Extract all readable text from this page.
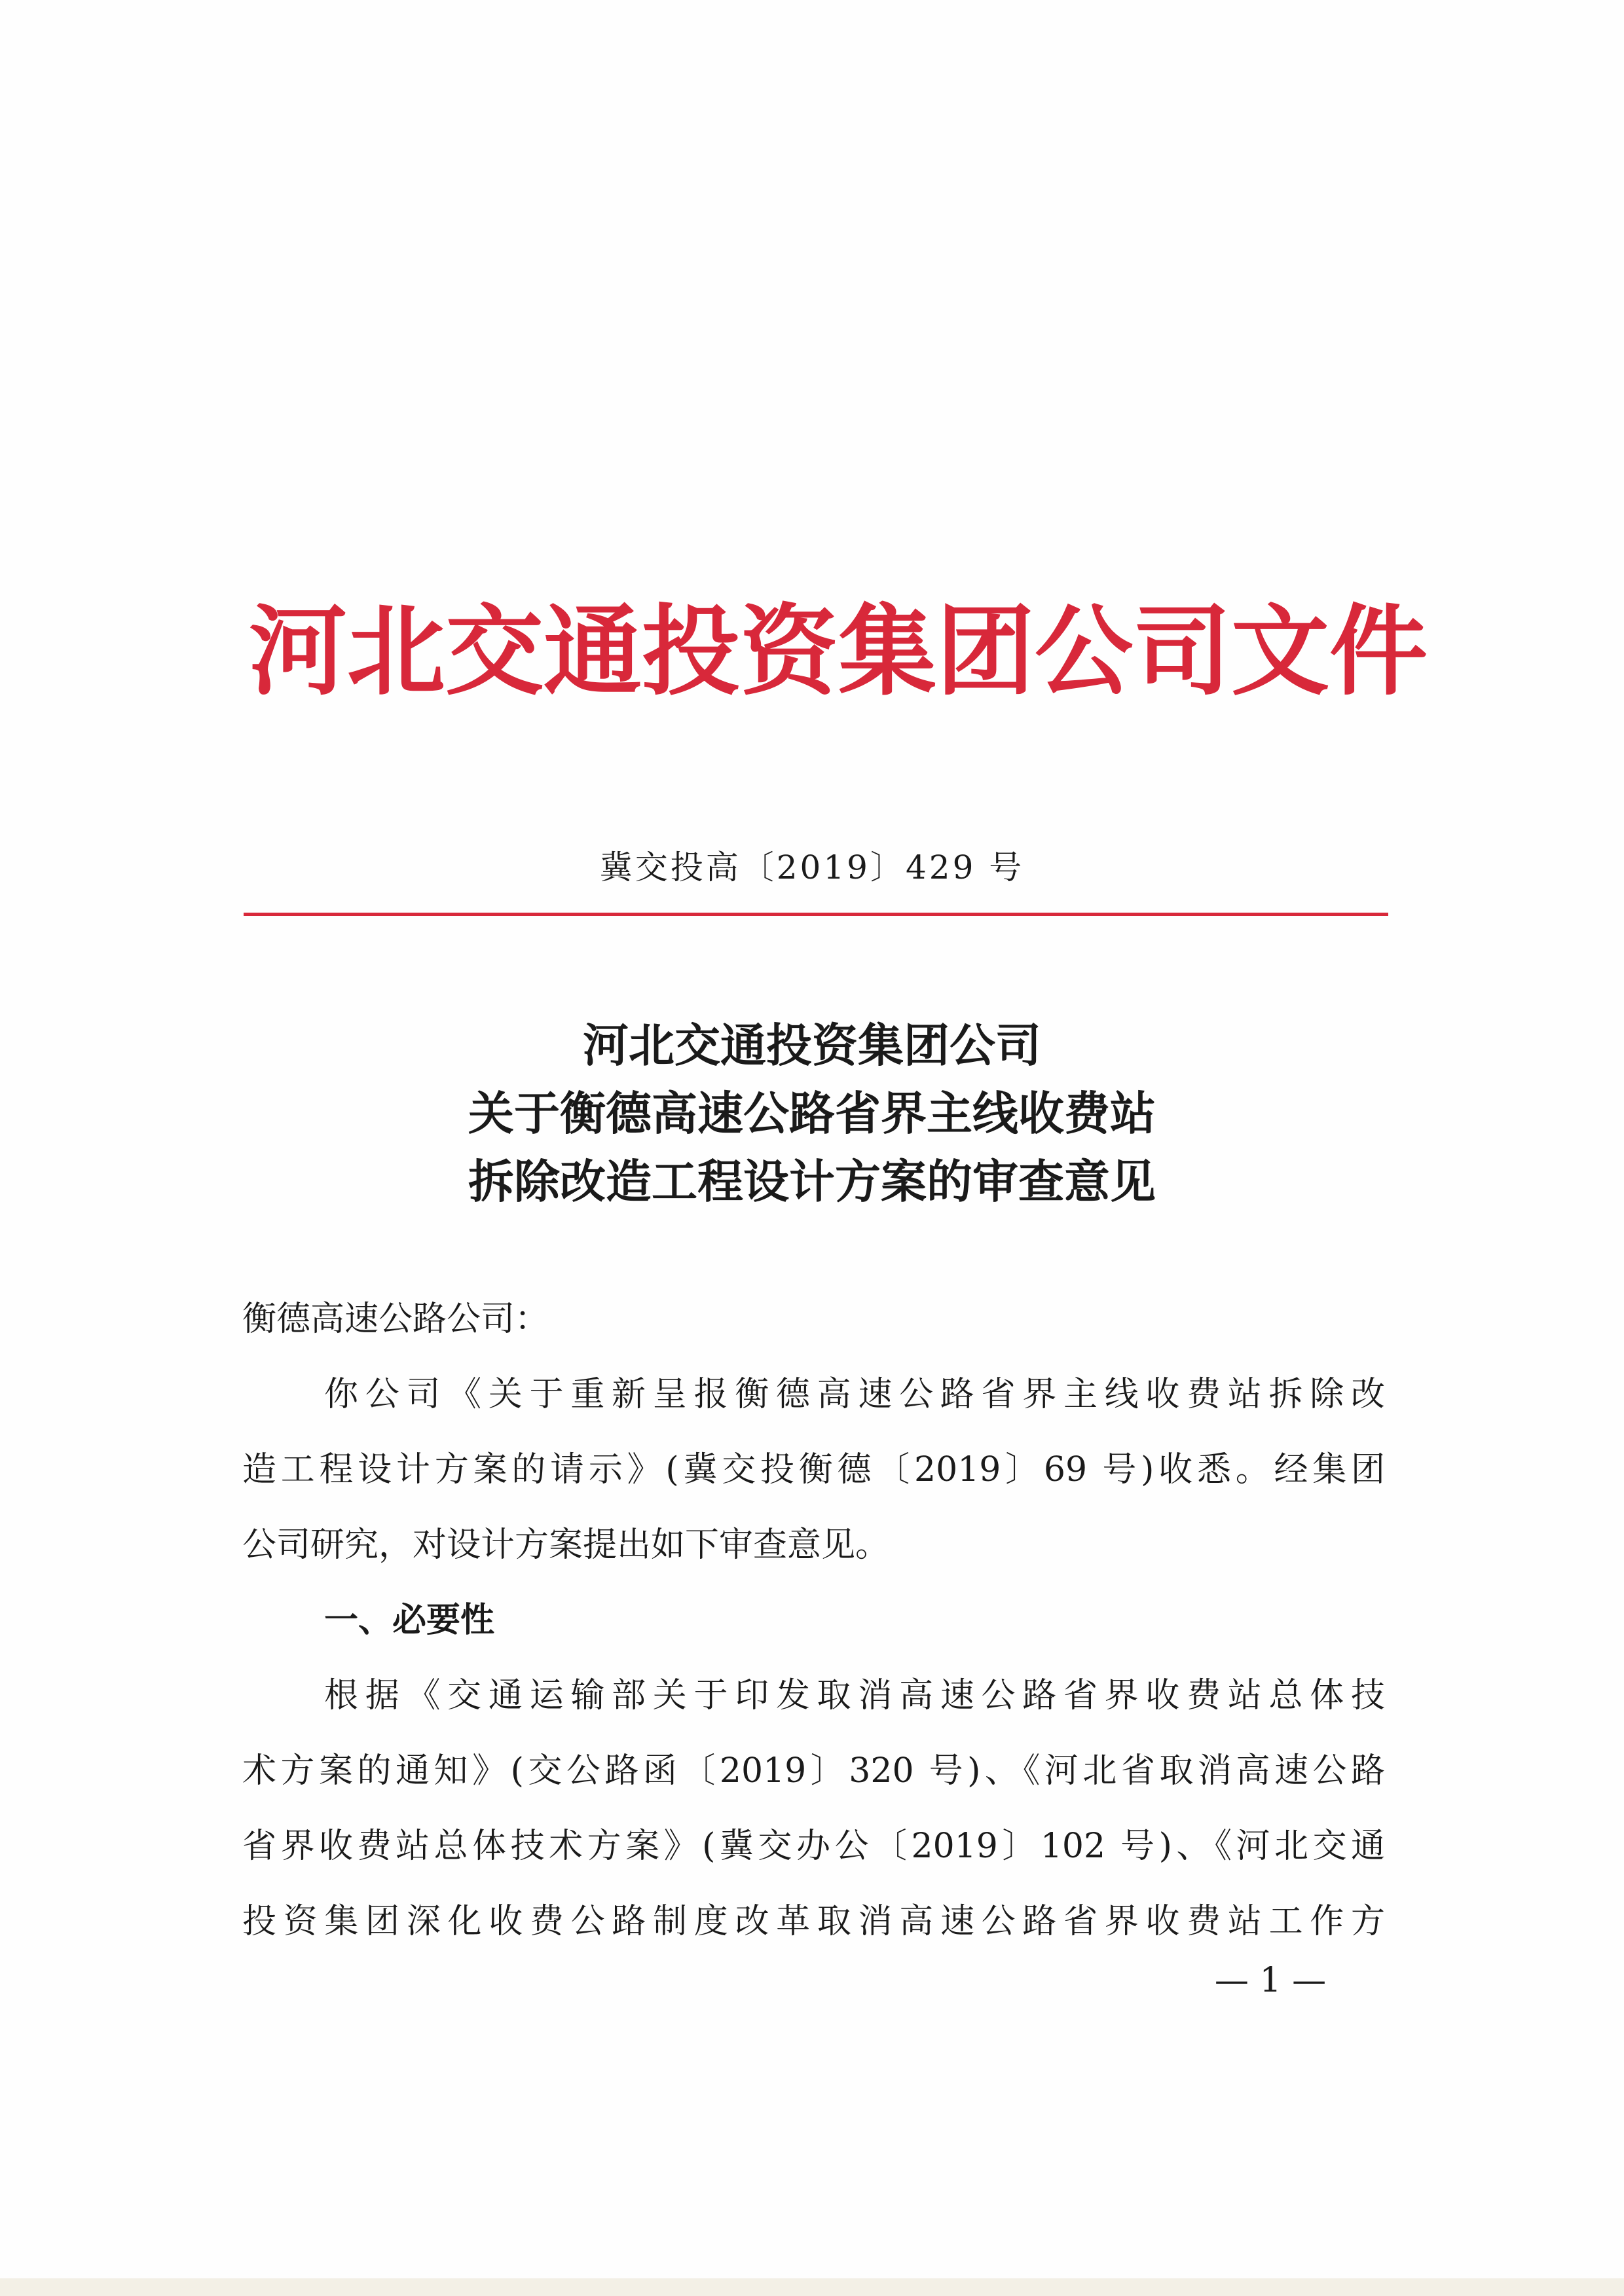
河北交通投资集团公司文件
冀交投高〔2019〕429 号
河北交通投资集团公司
关于衡德高速公路省界主线收费站
拆除改造工程设计方案的审查意见
衡德高速公路公司：
你公司《关于重新呈报衡德高速公路省界主线收费站拆除改
造工程设计方案的请示》(冀交投衡德〔2019〕69 号)收悉。经集团
公司研究，对设计方案提出如下审查意见。
一、必要性
根据《交通运输部关于印发取消高速公路省界收费站总体技
术方案的通知》(交公路函〔2019〕320 号)、《河北省取消高速公路
省界收费站总体技术方案》(冀交办公〔2019〕102 号)、《河北交通
投资集团深化收费公路制度改革取消高速公路省界收费站工作方
— 1 —
